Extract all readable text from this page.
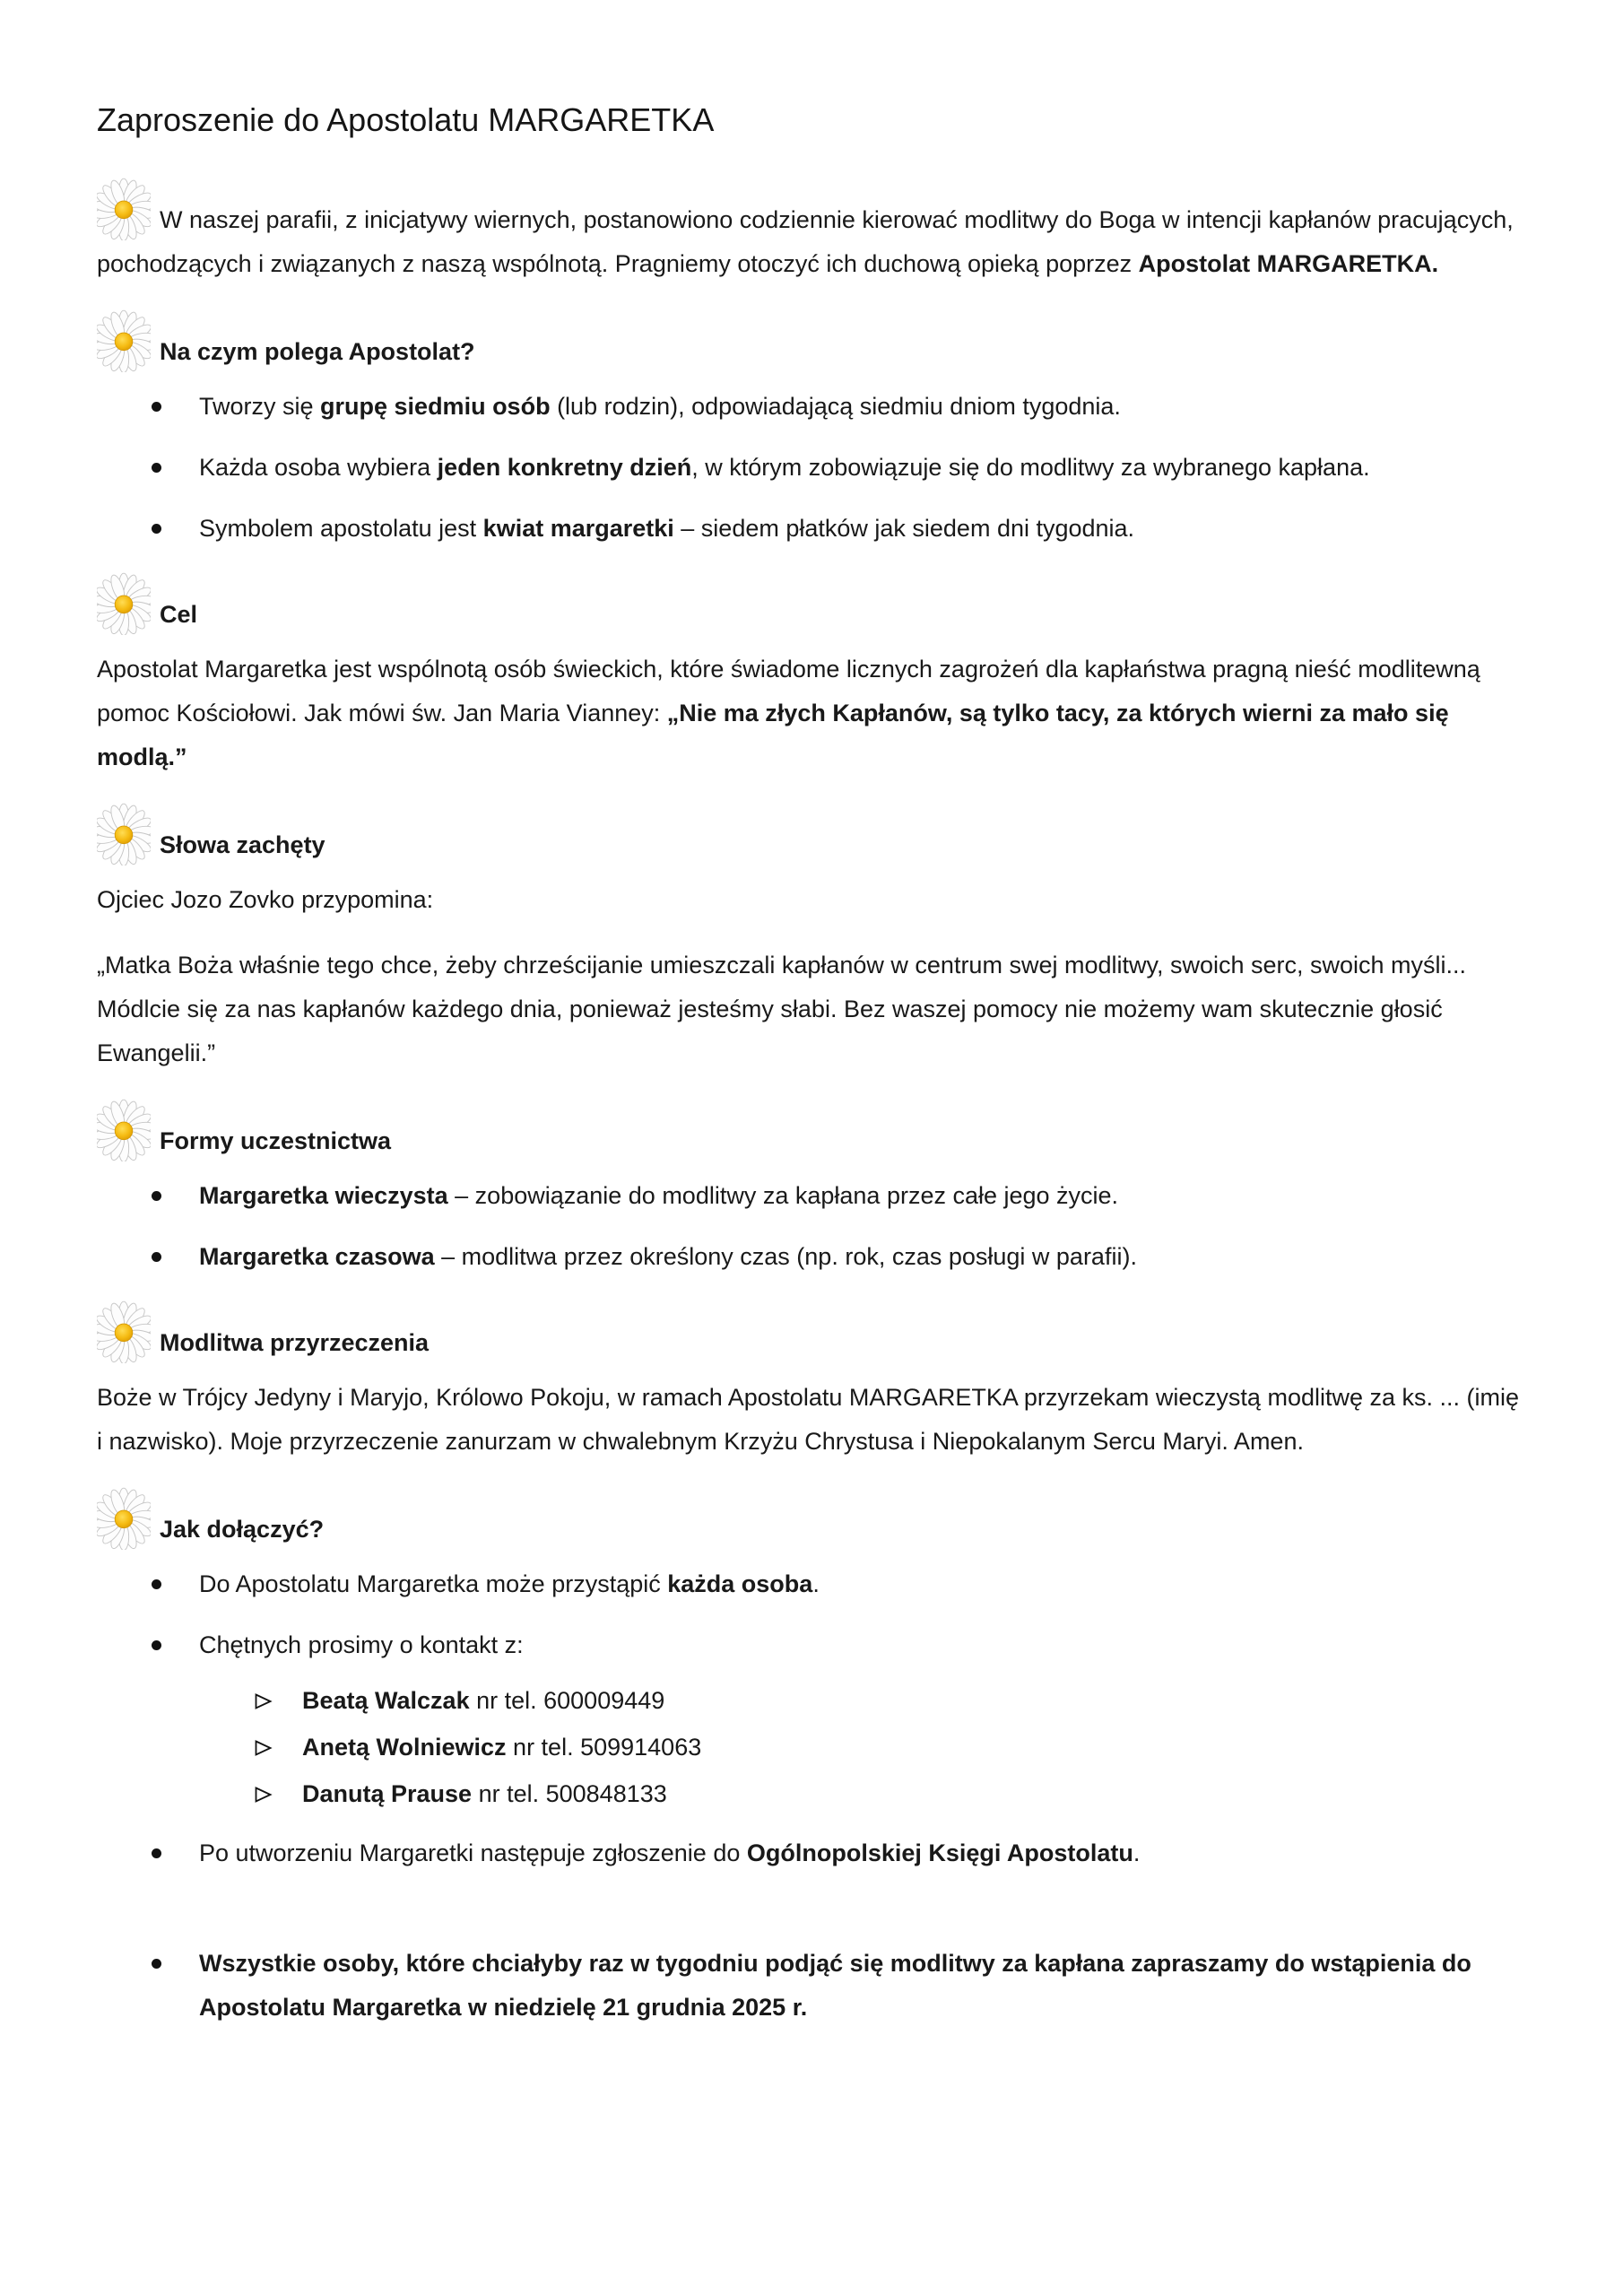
Zaproszenie do Apostolatu MARGARETKA

W naszej parafii, z inicjatywy wiernych, postanowiono codziennie kierować modlitwy do Boga w intencji kapłanów pracujących, pochodzących i związanych z naszą wspólnotą. Pragniemy otoczyć ich duchową opieką poprzez Apostolat MARGARETKA.

Na czym polega Apostolat?
Tworzy się grupę siedmiu osób (lub rodzin), odpowiadającą siedmiu dniom tygodnia.
Każda osoba wybiera jeden konkretny dzień, w którym zobowiązuje się do modlitwy za wybranego kapłana.
Symbolem apostolatu jest kwiat margaretki – siedem płatków jak siedem dni tygodnia.
Cel

Apostolat Margaretka jest wspólnotą osób świeckich, które świadome licznych zagrożeń dla kapłaństwa pragną nieść modlitewną pomoc Kościołowi. Jak mówi św. Jan Maria Vianney: „Nie ma złych Kapłanów, są tylko tacy, za których wierni za mało się modlą.”

Słowa zachęty

Ojciec Jozo Zovko przypomina:

„Matka Boża właśnie tego chce, żeby chrześcijanie umieszczali kapłanów w centrum swej modlitwy, swoich serc, swoich myśli... Módlcie się za nas kapłanów każdego dnia, ponieważ jesteśmy słabi. Bez waszej pomocy nie możemy wam skutecznie głosić Ewangelii.”

Formy uczestnictwa
Margaretka wieczysta – zobowiązanie do modlitwy za kapłana przez całe jego życie.
Margaretka czasowa – modlitwa przez określony czas (np. rok, czas posługi w parafii).
Modlitwa przyrzeczenia

Boże w Trójcy Jedyny i Maryjo, Królowo Pokoju, w ramach Apostolatu MARGARETKA przyrzekam wieczystą modlitwę za ks. ... (imię i nazwisko). Moje przyrzeczenie zanurzam w chwalebnym Krzyżu Chrystusa i Niepokalanym Sercu Maryi. Amen.

Jak dołączyć?
Do Apostolatu Margaretka może przystąpić każda osoba.
Chętnych prosimy o kontakt z:
Beatą Walczak nr tel. 600009449
Anetą Wolniewicz nr tel. 509914063
Danutą Prause nr tel. 500848133
Po utworzeniu Margaretki następuje zgłoszenie do Ogólnopolskiej Księgi Apostolatu.
Wszystkie osoby, które chciałyby raz w tygodniu podjąć się modlitwy za kapłana zapraszamy do wstąpienia do Apostolatu Margaretka w niedzielę 21 grudnia 2025 r.
